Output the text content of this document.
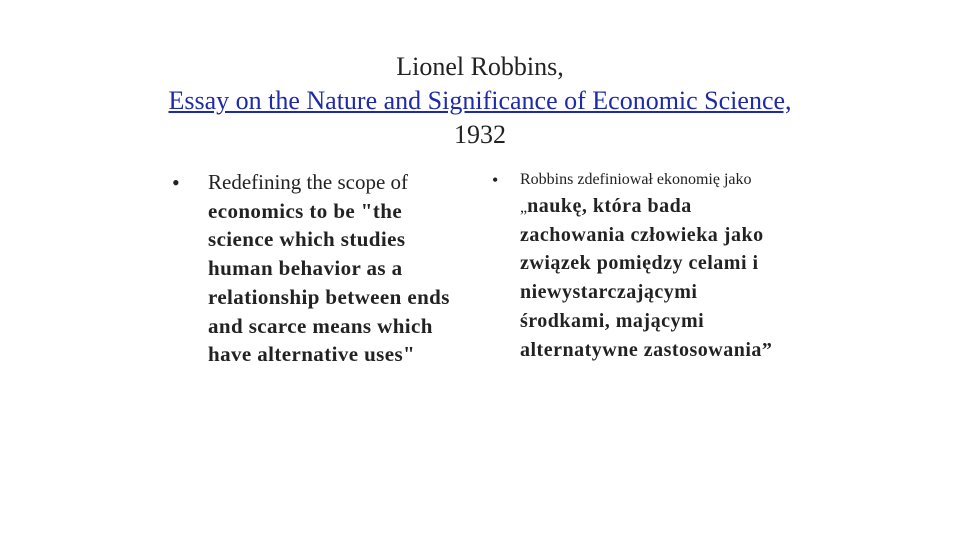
Lionel Robbins,
Essay on the Nature and Significance of Economic Science, 1932
• Redefining the scope of economics to be "the science which studies human behavior as a relationship between ends and scarce means which have alternative uses"
• Robbins zdefiniował ekonomię jako „naukę, która bada zachowania człowieka jako związek pomiędzy celami i niewystarczającymi środkami, mającymi alternatywne zastosowania”
